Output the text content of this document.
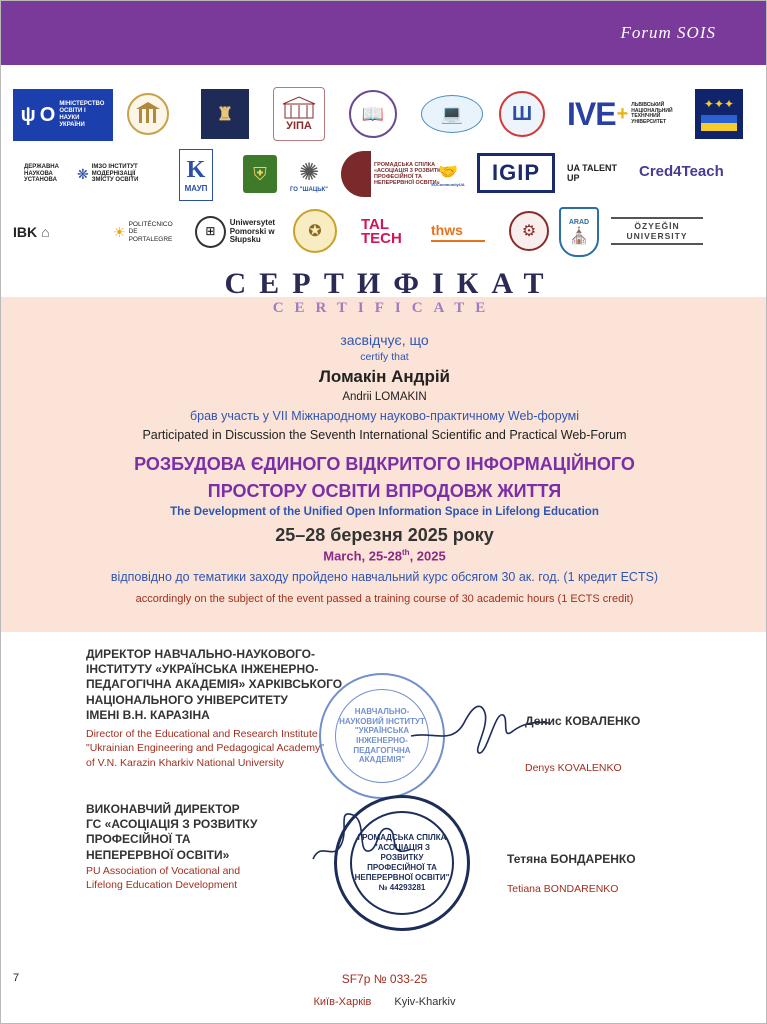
Forum SOIS
ψ O МІНІСТЕРСТВО ОСВІТИ І НАУКИ УКРАЇНИ
♜
УІПА
📖	💻 Ш IVE + ЛЬВІВСЬКИЙ НАЦІОНАЛЬНИЙ ТЕХНІЧНИЙ УНІВЕРСИТЕТ
✦✦✦
ДЕРЖАВНА НАУКОВА УСТАНОВА	❋ ІМЗО ІНСТИТУТ МОДЕРНІЗАЦІЇ ЗМІСТУ ОСВІТИ	K
МАУП
⛨ ✺
ГО "ШАЦЬК"
ГРОМАДСЬКА СПІЛКА «АСОЦІАЦІЯ З РОЗВИТКУ ПРОФЕСІЙНОЇ ТА НЕПЕРЕРВНОЇ ОСВІТИ»
🤝
EUCommunityUA IGIP	UA TALENT UP	Cred4Teach
IBK ⌂	☀ POLITÉCNICO DE PORTALEGRE
⊞
Uniwersytet Pomorski w Słupsku	✪	TAL TECH thws	⚙
ARAD
⛪
ÖZYEĞİN UNIVERSITY
СЕРТИФІКАТ
CERTIFICATE
засвідчує, що
certify that
Ломакін Андрій
Andrii LOMAKIN
брав участь у VІІ Міжнародному науково-практичному Web-форумі
Participated in Discussion the Seventh International Scientific and Practical Web-Forum
РОЗБУДОВА ЄДИНОГО ВІДКРИТОГО ІНФОРМАЦІЙНОГО
ПРОСТОРУ ОСВІТИ ВПРОДОВЖ ЖИТТЯ
The Development of the Unified Open Information Space in Lifelong Education
25–28 березня 2025 року
March, 25-28th, 2025
відповідно до тематики заходу пройдено навчальний курс обсягом 30 ак. год. (1 кредит ECTS)
accordingly on the subject of the event passed a training course of 30 academic hours (1 ECTS credit)
ДИРЕКТОР НАВЧАЛЬНО-НАУКОВОГО-
ІНСТИТУТУ «УКРАЇНСЬКА ІНЖЕНЕРНО-
ПЕДАГОГІЧНА АКАДЕМІЯ» ХАРКІВСЬКОГО
НАЦІОНАЛЬНОГО УНІВЕРСИТЕТУ
ІМЕНІ В.Н. КАРАЗІНА
Director of the Educational and Research Institute
"Ukrainian Engineering and Pedagogical Academy"
of V.N. Karazin Kharkiv National University
НАВЧАЛЬНО- НАУКОВИЙ ІНСТИТУТ "УКРАЇНСЬКА ІНЖЕНЕРНО- ПЕДАГОГІЧНА АКАДЕМІЯ"
Денис КОВАЛЕНКО
Denys KOVALENKO
ВИКОНАВЧИЙ ДИРЕКТОР
ГС «АСОЦІАЦІЯ З РОЗВИТКУ
ПРОФЕСІЙНОЇ ТА
НЕПЕРЕРВНОЇ ОСВІТИ»
PU Association of Vocational and
Lifelong Education Development
ГРОМАДСЬКА СПІЛКА "АСОЦІАЦІЯ З РОЗВИТКУ ПРОФЕСІЙНОЇ ТА НЕПЕРЕРВНОЇ ОСВІТИ" № 44293281
Тетяна БОНДАРЕНКО
Tetiana BONDARENKO
7	SF7р № 033-25
Київ-Харків Kyiv-Kharkiv
